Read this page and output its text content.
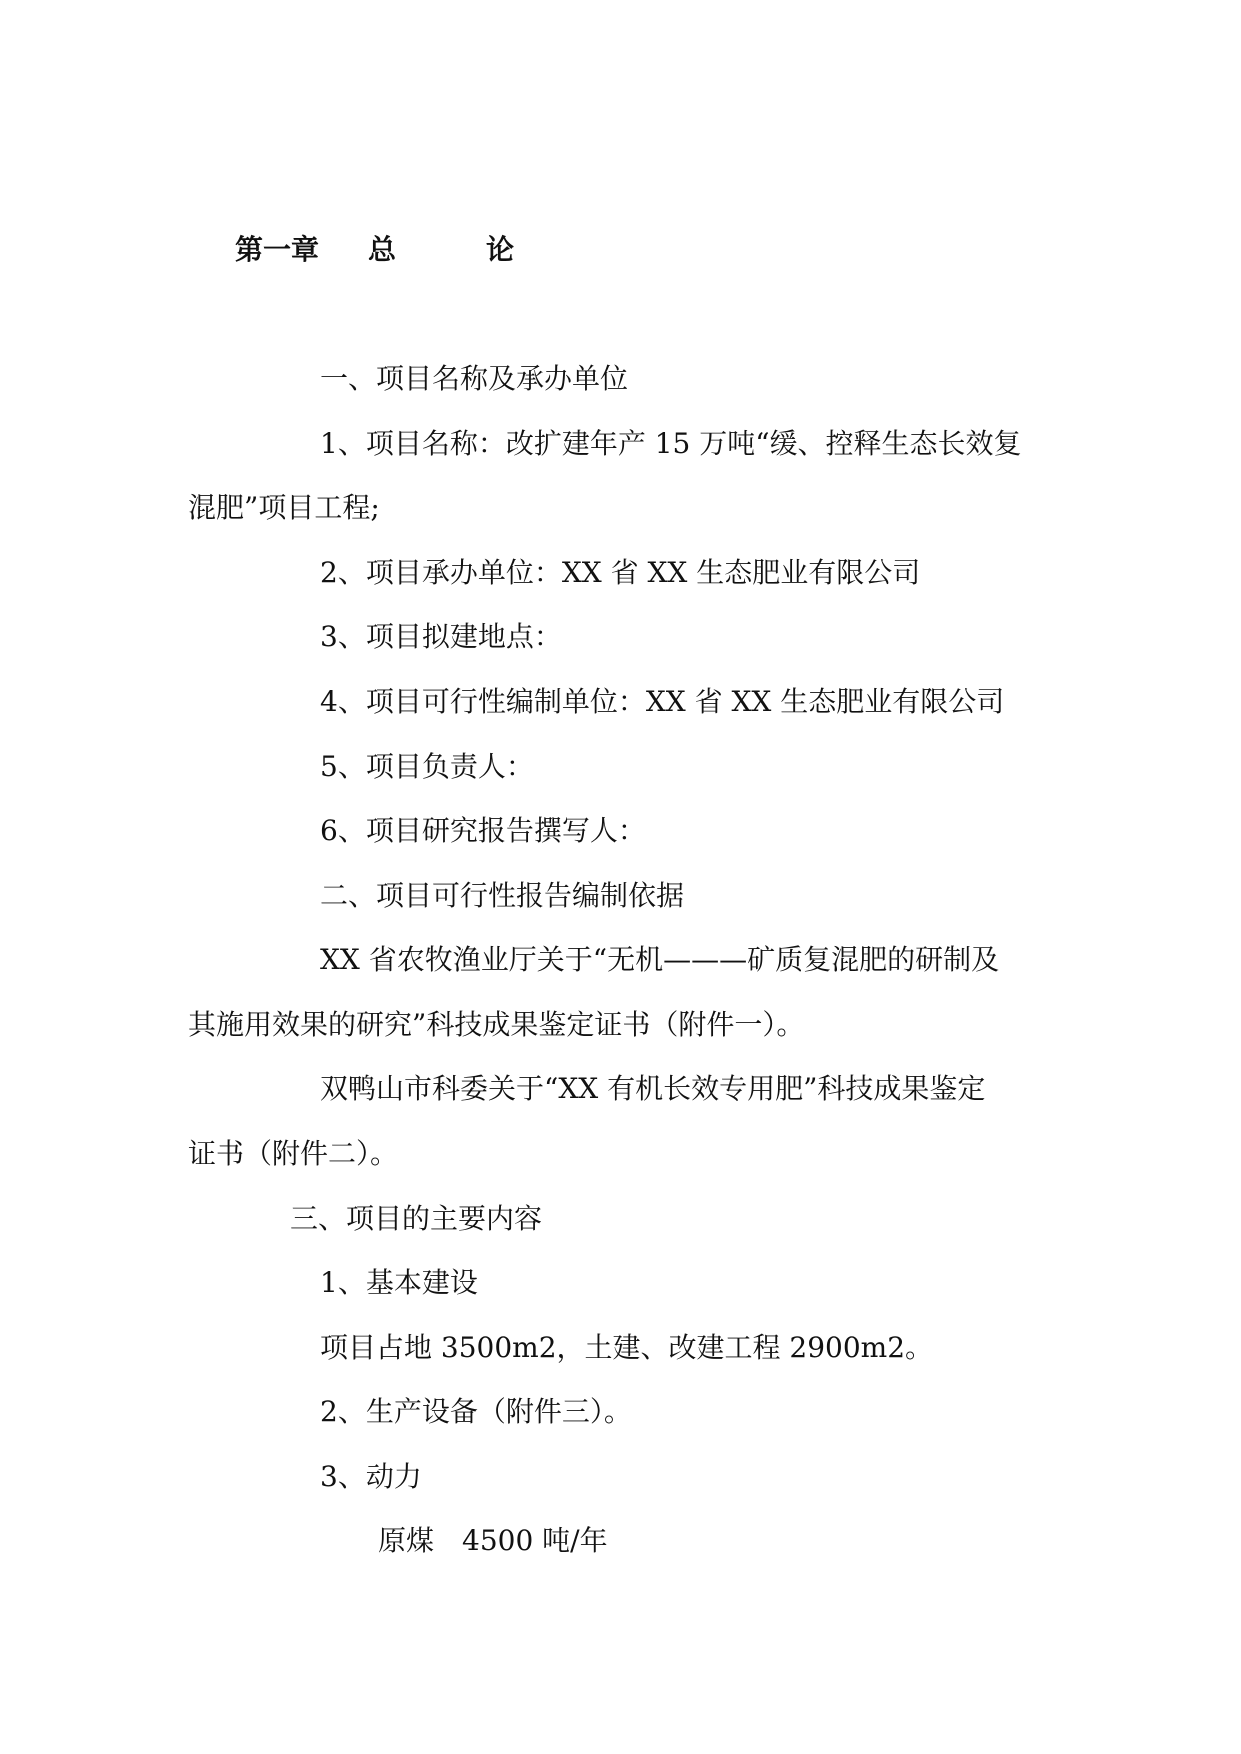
第一章 总	论
一、项目名称及承办单位
1、项目名称：改扩建年产 15 万吨“缓、控释生态长效复
混肥”项目工程;
2、项目承办单位：XX 省 XX 生态肥业有限公司
3、项目拟建地点：
4、项目可行性编制单位：XX 省 XX 生态肥业有限公司
5、项目负责人：
6、项目研究报告撰写人：
二、项目可行性报告编制依据
XX 省农牧渔业厅关于“无机———矿质复混肥的研制及
其施用效果的研究”科技成果鉴定证书（附件一）。
双鸭山市科委关于“XX 有机长效专用肥”科技成果鉴定
证书（附件二）。
三、项目的主要内容
1、基本建设
项目占地 3500m2，土建、改建工程 2900m2。
2、生产设备（附件三）。
3、动力
原煤　4500 吨/年
